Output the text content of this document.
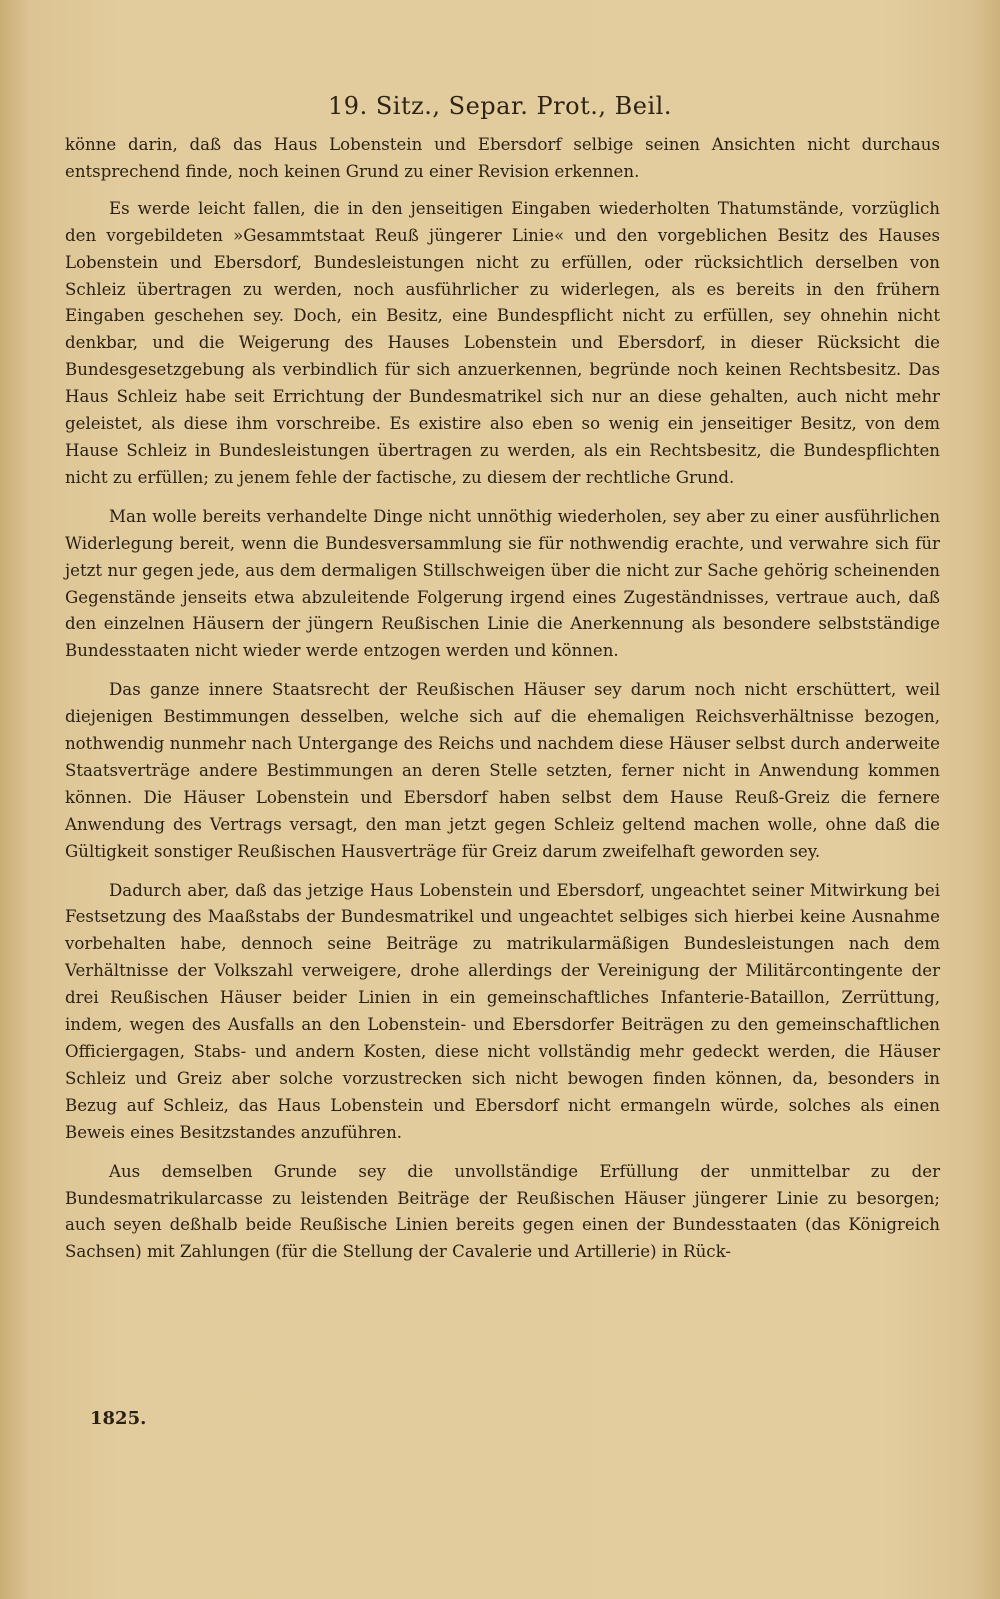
19. Sitz., Separ. Prot., Beil.

könne darin, daß das Haus Lobenstein und Ebersdorf selbige seinen Ansichten nicht durchaus entsprechend finde, noch keinen Grund zu einer Revision erkennen.

Es werde leicht fallen, die in den jenseitigen Eingaben wiederholten Thatumstände, vorzüglich den vorgebildeten »Gesammtstaat Reuß jüngerer Linie« und den vorgeblichen Besitz des Hauses Lobenstein und Ebersdorf, Bundesleistungen nicht zu erfüllen, oder rücksichtlich derselben von Schleiz übertragen zu werden, noch ausführlicher zu widerlegen, als es bereits in den frühern Eingaben geschehen sey. Doch, ein Besitz, eine Bundespflicht nicht zu erfüllen, sey ohnehin nicht denkbar, und die Weigerung des Hauses Lobenstein und Ebersdorf, in dieser Rücksicht die Bundesgesetzgebung als verbindlich für sich anzuerkennen, begründe noch keinen Rechtsbesitz. Das Haus Schleiz habe seit Errichtung der Bundesmatrikel sich nur an diese gehalten, auch nicht mehr geleistet, als diese ihm vorschreibe. Es existire also eben so wenig ein jenseitiger Besitz, von dem Hause Schleiz in Bundesleistungen übertragen zu werden, als ein Rechtsbesitz, die Bundespflichten nicht zu erfüllen; zu jenem fehle der factische, zu diesem der rechtliche Grund.

Man wolle bereits verhandelte Dinge nicht unnöthig wiederholen, sey aber zu einer ausführlichen Widerlegung bereit, wenn die Bundesversammlung sie für nothwendig erachte, und verwahre sich für jetzt nur gegen jede, aus dem dermaligen Stillschweigen über die nicht zur Sache gehörig scheinenden Gegenstände jenseits etwa abzuleitende Folgerung irgend eines Zugeständnisses, vertraue auch, daß den einzelnen Häusern der jüngern Reußischen Linie die Anerkennung als besondere selbstständige Bundesstaaten nicht wieder werde entzogen werden und können.

Das ganze innere Staatsrecht der Reußischen Häuser sey darum noch nicht erschüttert, weil diejenigen Bestimmungen desselben, welche sich auf die ehemaligen Reichsverhältnisse bezogen, nothwendig nunmehr nach Untergange des Reichs und nachdem diese Häuser selbst durch anderweite Staatsverträge andere Bestimmungen an deren Stelle setzten, ferner nicht in Anwendung kommen können. Die Häuser Lobenstein und Ebersdorf haben selbst dem Hause Reuß-Greiz die fernere Anwendung des Vertrags versagt, den man jetzt gegen Schleiz geltend machen wolle, ohne daß die Gültigkeit sonstiger Reußischen Hausverträge für Greiz darum zweifelhaft geworden sey.

Dadurch aber, daß das jetzige Haus Lobenstein und Ebersdorf, ungeachtet seiner Mitwirkung bei Festsetzung des Maaßstabs der Bundesmatrikel und ungeachtet selbiges sich hierbei keine Ausnahme vorbehalten habe, dennoch seine Beiträge zu matrikularmäßigen Bundesleistungen nach dem Verhältnisse der Volkszahl verweigere, drohe allerdings der Vereinigung der Militärcontingente der drei Reußischen Häuser beider Linien in ein gemeinschaftliches Infanterie-Bataillon, Zerrüttung, indem, wegen des Ausfalls an den Lobenstein- und Ebersdorfer Beiträgen zu den gemeinschaftlichen Officiergagen, Stabs- und andern Kosten, diese nicht vollständig mehr gedeckt werden, die Häuser Schleiz und Greiz aber solche vorzustrecken sich nicht bewogen finden können, da, besonders in Bezug auf Schleiz, das Haus Lobenstein und Ebersdorf nicht ermangeln würde, solches als einen Beweis eines Besitzstandes anzuführen.

Aus demselben Grunde sey die unvollständige Erfüllung der unmittelbar zu der Bundesmatrikularcasse zu leistenden Beiträge der Reußischen Häuser jüngerer Linie zu besorgen; auch seyen deßhalb beide Reußische Linien bereits gegen einen der Bundesstaaten (das Königreich Sachsen) mit Zahlungen (für die Stellung der Cavalerie und Artillerie) in Rück-

1825.
